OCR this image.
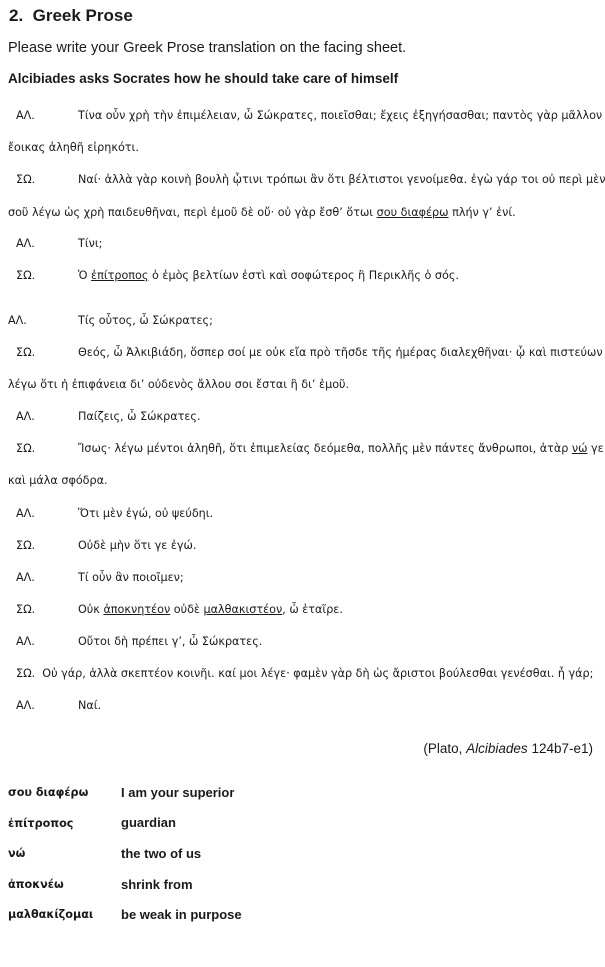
2.  Greek Prose
Please write your Greek Prose translation on the facing sheet.
Alcibiades asks Socrates how he should take care of himself
ΑΛ.	Τίνα οὖν χρὴ τὴν ἐπιμέλειαν, ὦ Σώκρατες, ποιεῖσθαι; ἔχεις ἐξηγήσασθαι; παντὸς γὰρ μᾶλλον
ἔοικας ἀληθῆ εἰρηκότι.
ΣΩ.	Ναί· ἀλλὰ γὰρ κοινὴ βουλὴ ᾧτινι τρόπωι ἂν ὅτι βέλτιστοι γενοίμεθα. ἐγὼ γάρ τοι οὐ περὶ μὲν
σοῦ λέγω ὡς χρὴ παιδευθῆναι, περὶ ἐμοῦ δὲ οὔ· οὐ γὰρ ἔσθ’ ὅτωι σου διαφέρω πλήν γ’ ἑνί.
ΑΛ.	Τίνι;
ΣΩ.	Ὁ ἐπίτροπος ὁ ἐμὸς βελτίων ἐστὶ καὶ σοφώτερος ἢ Περικλῆς ὁ σός.
ΑΛ.	Τίς οὗτος, ὦ Σώκρατες;
ΣΩ.	Θεός, ὦ Ἀλκιβιάδη, ὅσπερ σοί με οὐκ εἴα πρὸ τῆσδε τῆς ἡμέρας διαλεχθῆναι· ᾧ καὶ πιστεύων
λέγω ὅτι ἡ ἐπιφάνεια δι’ οὐδενὸς ἄλλου σοι ἔσται ἢ δι’ ἐμοῦ.
ΑΛ.	Παίζεις, ὦ Σώκρατες.
ΣΩ.	Ἴσως· λέγω μέντοι ἀληθῆ, ὅτι ἐπιμελείας δεόμεθα, πολλῆς μὲν πάντες ἄνθρωποι, ἀτὰρ νώ γε
καὶ μάλα σφόδρα.
ΑΛ.	Ὅτι μὲν ἐγώ, οὐ ψεύδηι.
ΣΩ.	Οὐδὲ μὴν ὅτι γε ἐγώ.
ΑΛ.	Τί οὖν ἂν ποιοῖμεν;
ΣΩ.	Οὐκ ἀποκνητέον οὐδὲ μαλθακιστέον, ὦ ἑταῖρε.
ΑΛ.	Οὔτοι δὴ πρέπει γ’, ὦ Σώκρατες.
ΣΩ.  Οὐ γάρ, ἀλλὰ σκεπτέον κοινῆι. καί μοι λέγε· φαμὲν γὰρ δὴ ὡς ἄριστοι βούλεσθαι γενέσθαι. ἦ γάρ;
ΑΛ.	Ναί.
(Plato, Alcibiades 124b7-e1)
σου διαφέρω	I am your superior
ἐπίτροπος	guardian
νώ	the two of us
ἀποκνέω	shrink from
μαλθακίζομαι be weak in purpose
